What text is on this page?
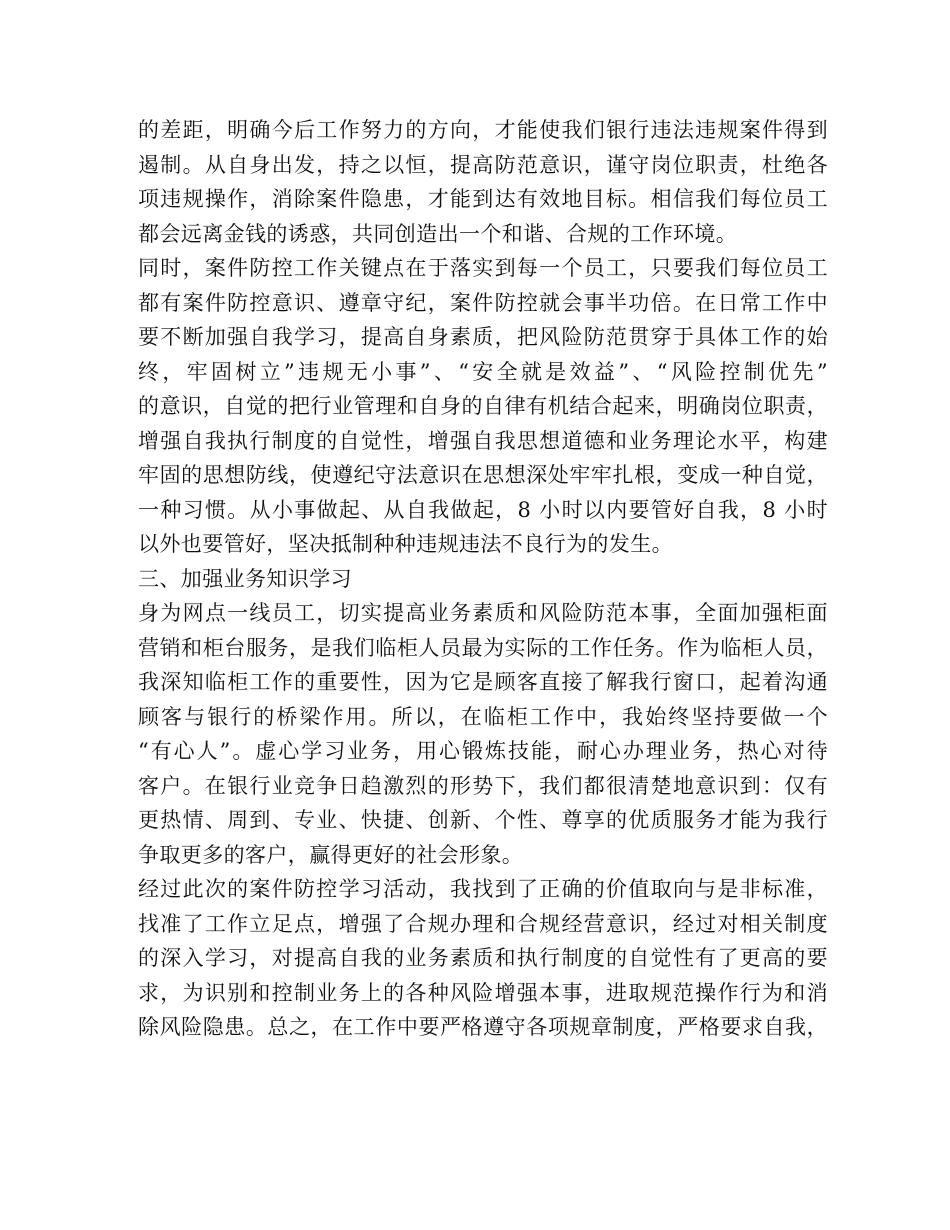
的差距，明确今后工作努力的方向，才能使我们银行违法违规案件得到
遏制。从自身出发，持之以恒，提高防范意识，谨守岗位职责，杜绝各
项违规操作，消除案件隐患，才能到达有效地目标。相信我们每位员工
都会远离金钱的诱惑，共同创造出一个和谐、合规的工作环境。
同时，案件防控工作关键点在于落实到每一个员工，只要我们每位员工
都有案件防控意识、遵章守纪，案件防控就会事半功倍。在日常工作中
要不断加强自我学习，提高自身素质，把风险防范贯穿于具体工作的始
终，牢固树立”违规无小事”、“安全就是效益”、“风险控制优先”
的意识，自觉的把行业管理和自身的自律有机结合起来，明确岗位职责，
增强自我执行制度的自觉性，增强自我思想道德和业务理论水平，构建
牢固的思想防线，使遵纪守法意识在思想深处牢牢扎根，变成一种自觉，
一种习惯。从小事做起、从自我做起，8 小时以内要管好自我，8 小时
以外也要管好，坚决抵制种种违规违法不良行为的发生。
三、加强业务知识学习
身为网点一线员工，切实提高业务素质和风险防范本事，全面加强柜面
营销和柜台服务，是我们临柜人员最为实际的工作任务。作为临柜人员，
我深知临柜工作的重要性，因为它是顾客直接了解我行窗口，起着沟通
顾客与银行的桥梁作用。所以，在临柜工作中，我始终坚持要做一个
“有心人”。虚心学习业务，用心锻炼技能，耐心办理业务，热心对待
客户。在银行业竞争日趋激烈的形势下，我们都很清楚地意识到：仅有
更热情、周到、专业、快捷、创新、个性、尊享的优质服务才能为我行
争取更多的客户，赢得更好的社会形象。
经过此次的案件防控学习活动，我找到了正确的价值取向与是非标准，
找准了工作立足点，增强了合规办理和合规经营意识，经过对相关制度
的深入学习，对提高自我的业务素质和执行制度的自觉性有了更高的要
求，为识别和控制业务上的各种风险增强本事，进取规范操作行为和消
除风险隐患。总之，在工作中要严格遵守各项规章制度，严格要求自我，
